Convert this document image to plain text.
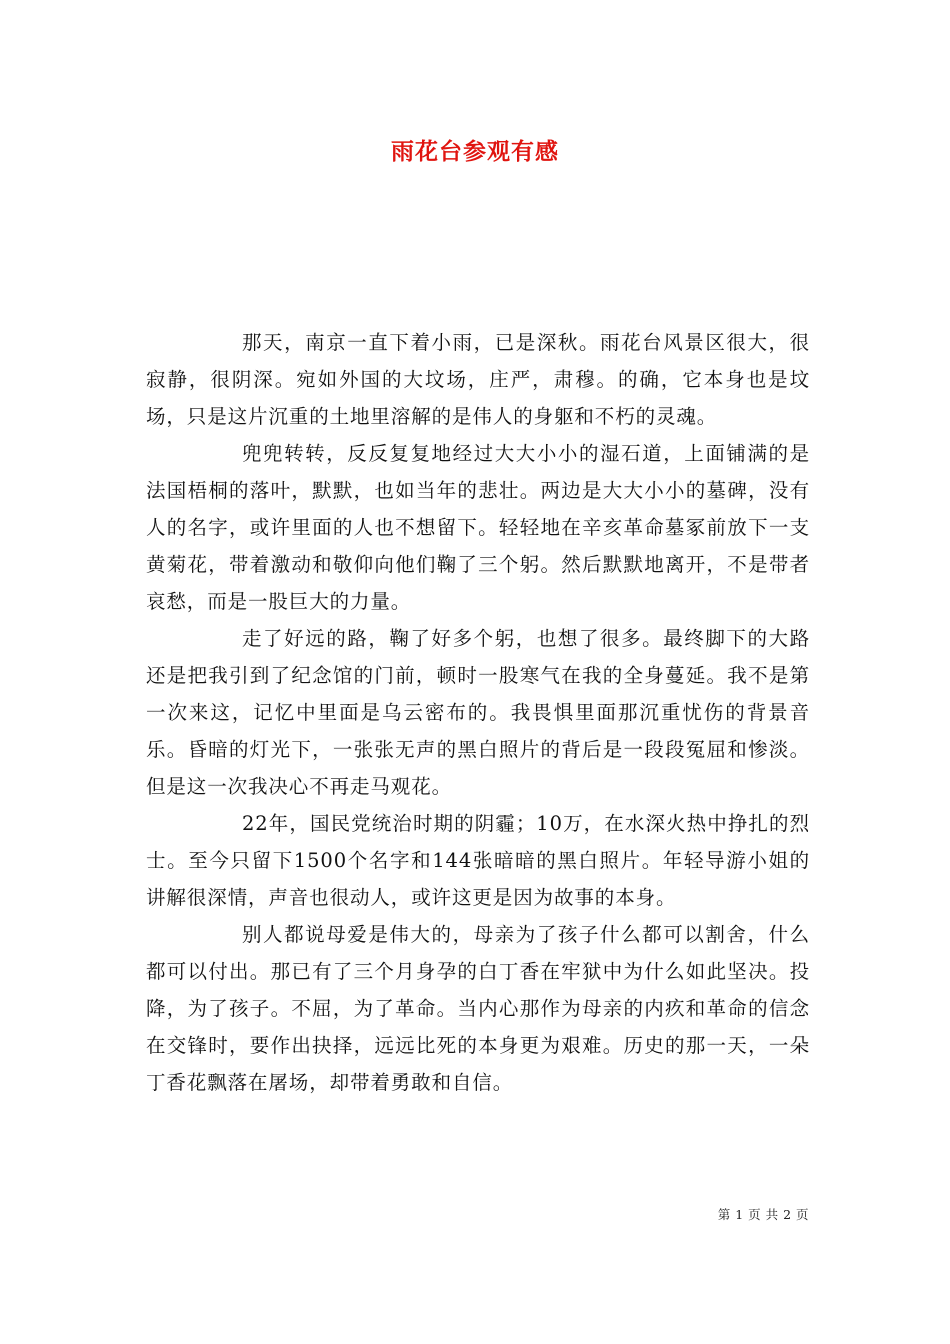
雨花台参观有感

那天，南京一直下着小雨，已是深秋。雨花台风景区很大，很寂静，很阴深。宛如外国的大坟场，庄严，肃穆。的确，它本身也是坟场，只是这片沉重的土地里溶解的是伟人的身躯和不朽的灵魂。

兜兜转转，反反复复地经过大大小小的湿石道，上面铺满的是法国梧桐的落叶，默默，也如当年的悲壮。两边是大大小小的墓碑，没有人的名字，或许里面的人也不想留下。轻轻地在辛亥革命墓冢前放下一支黄菊花，带着激动和敬仰向他们鞠了三个躬。然后默默地离开，不是带者哀愁，而是一股巨大的力量。

走了好远的路，鞠了好多个躬，也想了很多。最终脚下的大路还是把我引到了纪念馆的门前，顿时一股寒气在我的全身蔓延。我不是第一次来这，记忆中里面是乌云密布的。我畏惧里面那沉重忧伤的背景音乐。昏暗的灯光下，一张张无声的黑白照片的背后是一段段冤屈和惨淡。但是这一次我决心不再走马观花。

22年，国民党统治时期的阴霾；10万，在水深火热中挣扎的烈士。至今只留下1500个名字和144张暗暗的黑白照片。年轻导游小姐的讲解很深情，声音也很动人，或许这更是因为故事的本身。

别人都说母爱是伟大的，母亲为了孩子什么都可以割舍，什么都可以付出。那已有了三个月身孕的白丁香在牢狱中为什么如此坚决。投降，为了孩子。不屈，为了革命。当内心那作为母亲的内疚和革命的信念在交锋时，要作出抉择，远远比死的本身更为艰难。历史的那一天，一朵丁香花飘落在屠场，却带着勇敢和自信。

第 1 页 共 2 页
